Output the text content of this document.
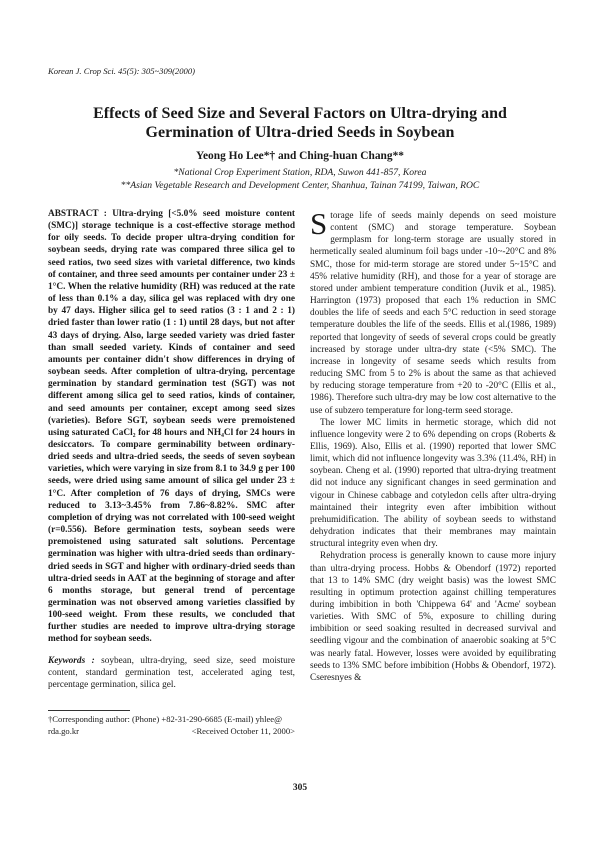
Korean J. Crop Sci. 45(5): 305~309(2000)
Effects of Seed Size and Several Factors on Ultra-drying and
Germination of Ultra-dried Seeds in Soybean
Yeong Ho Lee*† and Ching-huan Chang**
*National Crop Experiment Station, RDA, Suwon 441-857, Korea
**Asian Vegetable Research and Development Center, Shanhua, Tainan 74199, Taiwan, ROC

ABSTRACT : Ultra-drying [<5.0% seed moisture content (SMC)] storage technique is a cost-effective storage method for oily seeds. To decide proper ultra-drying condition for soybean seeds, drying rate was compared three silica gel to seed ratios, two seed sizes with varietal difference, two kinds of container, and three seed amounts per container under 23 ± 1°C. When the relative humidity (RH) was reduced at the rate of less than 0.1% a day, silica gel was replaced with dry one by 47 days. Higher silica gel to seed ratios (3 : 1 and 2 : 1) dried faster than lower ratio (1 : 1) until 28 days, but not after 43 days of drying. Also, large seeded variety was dried faster than small seeded variety. Kinds of container and seed amounts per container didn't show differences in drying of soybean seeds. After completion of ultra-drying, percentage germination by standard germination test (SGT) was not different among silica gel to seed ratios, kinds of container, and seed amounts per container, except among seed sizes (varieties). Before SGT, soybean seeds were premoistened using saturated CaCl₂ for 48 hours and NH₄Cl for 24 hours in desiccators. To compare germinability between ordinary-dried seeds and ultra-dried seeds, the seeds of seven soybean varieties, which were varying in size from 8.1 to 34.9 g per 100 seeds, were dried using same amount of silica gel under 23 ± 1°C. After completion of 76 days of drying, SMCs were reduced to 3.13~3.45% from 7.86~8.82%. SMC after completion of drying was not correlated with 100-seed weight (r=0.556). Before germination tests, soybean seeds were premoistened using saturated salt solutions. Percentage germination was higher with ultra-dried seeds than ordinary-dried seeds in SGT and higher with ordinary-dried seeds than ultra-dried seeds in AAT at the beginning of storage and after 6 months storage, but general trend of percentage germination was not observed among varieties classified by 100-seed weight. From these results, we concluded that further studies are needed to improve ultra-drying storage method for soybean seeds.

Keywords : soybean, ultra-drying, seed size, seed moisture content, standard germination test, accelerated aging test, percentage germination, silica gel.

†Corresponding author: (Phone) +82-31-290-6685 (E-mail) yhlee@
rda.go.kr	<Received October 11, 2000>

Storage life of seeds mainly depends on seed moisture content (SMC) and storage temperature. Soybean germplasm for long-term storage are usually stored in hermetically sealed aluminum foil bags under -10~-20°C and 8% SMC, those for mid-term storage are stored under 5~15°C and 45% relative humidity (RH), and those for a year of storage are stored under ambient temperature condition (Juvik et al., 1985). Harrington (1973) proposed that each 1% reduction in SMC doubles the life of seeds and each 5°C reduction in seed storage temperature doubles the life of the seeds. Ellis et al.(1986, 1989) reported that longevity of seeds of several crops could be greatly increased by storage under ultra-dry state (<5% SMC). The increase in longevity of sesame seeds which results from reducing SMC from 5 to 2% is about the same as that achieved by reducing storage temperature from +20 to -20°C (Ellis et al., 1986). Therefore such ultra-dry may be low cost alternative to the use of subzero temperature for long-term seed storage.

The lower MC limits in hermetic storage, which did not influence longevity were 2 to 6% depending on crops (Roberts & Ellis, 1969). Also, Ellis et al. (1990) reported that lower SMC limit, which did not influence longevity was 3.3% (11.4%, RH) in soybean. Cheng et al. (1990) reported that ultra-drying treatment did not induce any significant changes in seed germination and vigour in Chinese cabbage and cotyledon cells after ultra-drying maintained their integrity even after imbibition without prehumidification. The ability of soybean seeds to withstand dehydration indicates that their membranes may maintain structural integrity even when dry.

Rehydration process is generally known to cause more injury than ultra-drying process. Hobbs & Obendorf (1972) reported that 13 to 14% SMC (dry weight basis) was the lowest SMC resulting in optimum protection against chilling temperatures during imbibition in both 'Chippewa 64' and 'Acme' soybean varieties. With SMC of 5%, exposure to chilling during imbibition or seed soaking resulted in decreased survival and seedling vigour and the combination of anaerobic soaking at 5°C was nearly fatal. However, losses were avoided by equilibrating seeds to 13% SMC before imbibition (Hobbs & Obendorf, 1972). Cseresnyes &

305
